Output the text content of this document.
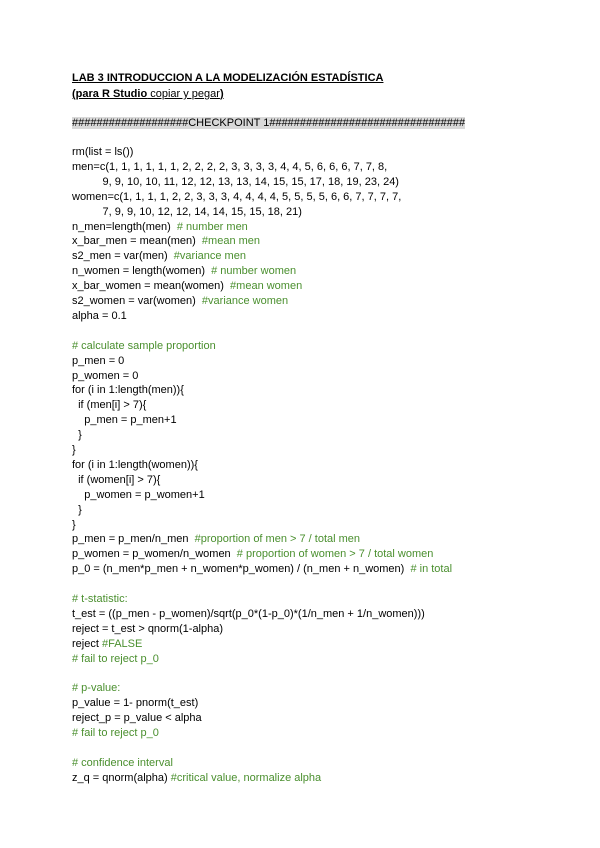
LAB 3 INTRODUCCION A LA MODELIZACIÓN ESTADÍSTICA
(para R Studio copiar y pegar)
###################CHECKPOINT 1################################
rm(list = ls())
men=c(1, 1, 1, 1, 1, 1, 2, 2, 2, 2, 3, 3, 3, 3, 4, 4, 5, 6, 6, 6, 7, 7, 8,
9, 9, 10, 10, 11, 12, 12, 13, 13, 14, 15, 15, 17, 18, 19, 23, 24)
women=c(1, 1, 1, 1, 2, 2, 3, 3, 3, 4, 4, 4, 4, 5, 5, 5, 5, 6, 6, 7, 7, 7, 7,
7, 9, 9, 10, 12, 12, 14, 14, 15, 15, 18, 21)
n_men=length(men)  # number men
x_bar_men = mean(men)  #mean men
s2_men = var(men)  #variance men
n_women = length(women)  # number women
x_bar_women = mean(women)  #mean women
s2_women = var(women)  #variance women
alpha = 0.1
# calculate sample proportion
p_men = 0
p_women = 0
for (i in 1:length(men)){
if (men[i] > 7){
p_men = p_men+1
}
}
for (i in 1:length(women)){
if (women[i] > 7){
p_women = p_women+1
}
}
p_men = p_men/n_men  #proportion of men > 7 / total men
p_women = p_women/n_women  # proportion of women > 7 / total women
p_0 = (n_men*p_men + n_women*p_women) / (n_men + n_women)  # in total
# t-statistic:
t_est = ((p_men - p_women)/sqrt(p_0*(1-p_0)*(1/n_men + 1/n_women)))
reject = t_est > qnorm(1-alpha)
reject #FALSE
# fail to reject p_0
# p-value:
p_value = 1- pnorm(t_est)
reject_p = p_value < alpha
# fail to reject p_0
# confidence interval
z_q = qnorm(alpha) #critical value, normalize alpha
